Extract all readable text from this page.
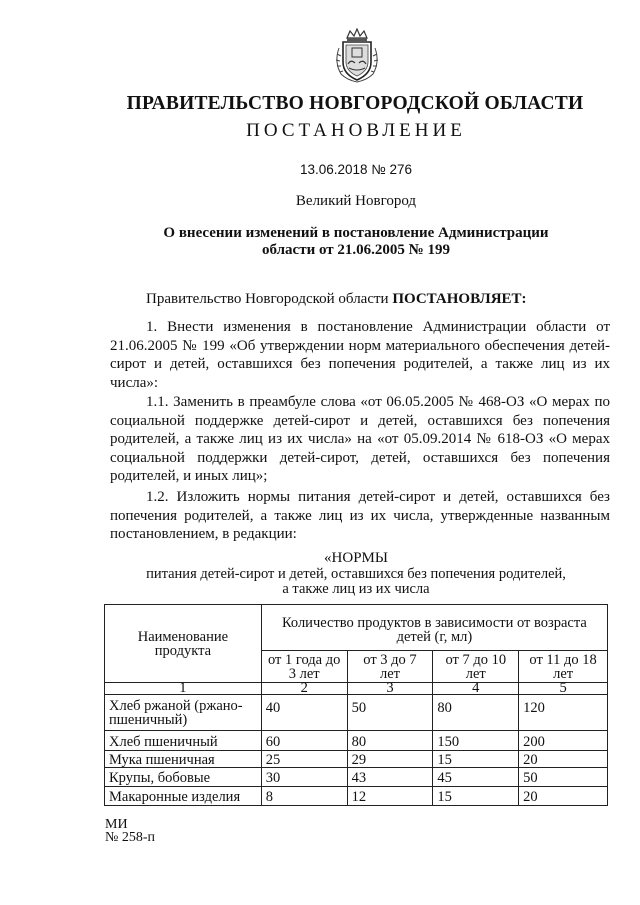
ПРАВИТЕЛЬСТВО НОВГОРОДСКОЙ ОБЛАСТИ
ПОСТАНОВЛЕНИЕ
13.06.2018 № 276
Великий Новгород
О внесении изменений в постановление Администрации
области от 21.06.2005 № 199
Правительство Новгородской области ПОСТАНОВЛЯЕТ:
1. Внести изменения в постановление Администрации области от 21.06.2005 № 199 «Об утверждении норм материального обеспечения детей-сирот и детей, оставшихся без попечения родителей, а также лиц из их числа»:
1.1. Заменить в преамбуле слова «от 06.05.2005 № 468-ОЗ «О мерах по социальной поддержке детей-сирот и детей, оставшихся без попечения родителей, а также лиц из их числа» на «от 05.09.2014 № 618-ОЗ «О мерах социальной поддержки детей-сирот, детей, оставшихся без попечения родителей, и иных лиц»;
1.2. Изложить нормы питания детей-сирот и детей, оставшихся без попечения родителей, а также лиц из их числа, утвержденные названным постановлением, в редакции:
«НОРМЫ
питания детей-сирот и детей, оставшихся без попечения родителей,
а также лиц из их числа
Наименование продукта	Количество продуктов в зависимости от возраста детей (г, мл)			
	от 1 года до 3 лет	от 3 до 7 лет	от 7 до 10 лет	от 11 до 18 лет
1	2	3	4	5
Хлеб ржаной (ржано-пшеничный)	40	50	80	120
Хлеб пшеничный	60	80	150	200
Мука пшеничная	25	29	15	20
Крупы, бобовые	30	43	45	50
Макаронные изделия	8	12	15	20
МИ
№ 258-п
